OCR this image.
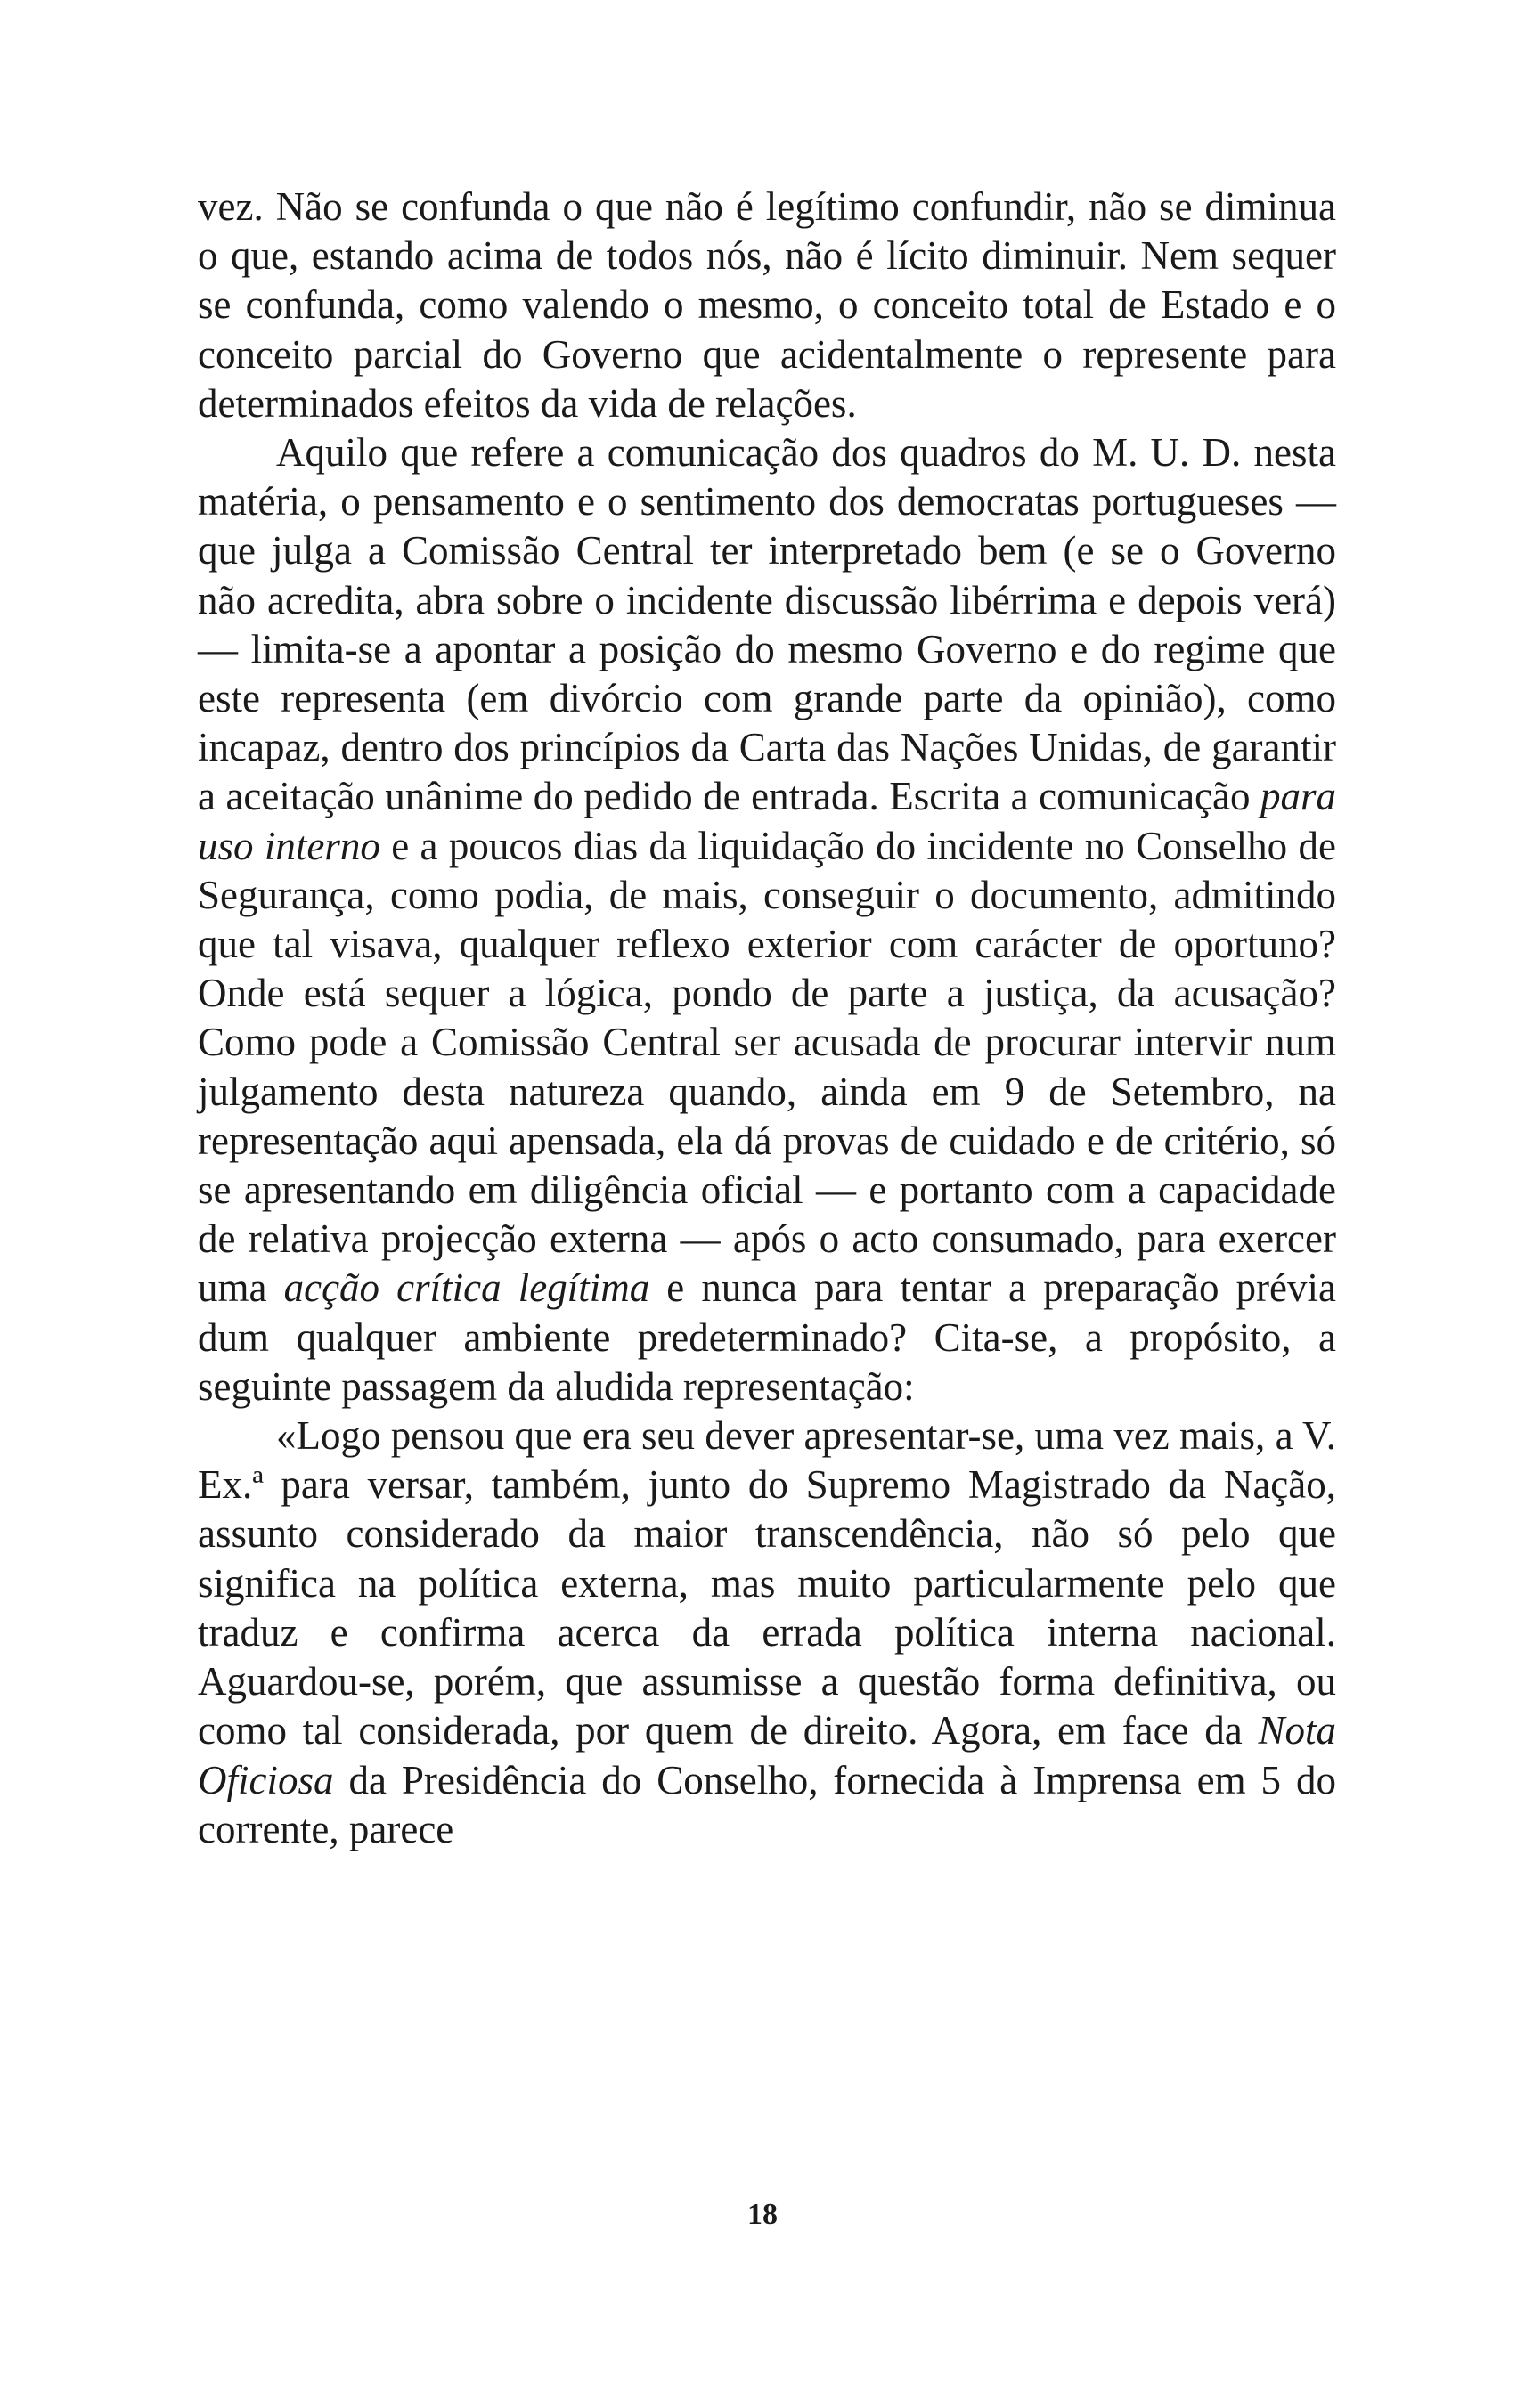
vez. Não se confunda o que não é legítimo confundir, não se diminua o que, estando acima de todos nós, não é lícito diminuir. Nem sequer se confunda, como valendo o mesmo, o conceito total de Estado e o conceito parcial do Governo que acidentalmente o represente para determinados efeitos da vida de relações.

Aquilo que refere a comunicação dos quadros do M. U. D. nesta matéria, o pensamento e o sentimento dos democratas portugueses — que julga a Comissão Central ter interpretado bem (e se o Governo não acredita, abra sobre o incidente discussão libérrima e depois verá) — limita-se a apontar a posição do mesmo Governo e do regime que este representa (em divórcio com grande parte da opinião), como incapaz, dentro dos princípios da Carta das Nações Unidas, de garantir a aceitação unânime do pedido de entrada. Escrita a comunicação para uso interno e a poucos dias da liquidação do incidente no Conselho de Segurança, como podia, de mais, conseguir o documento, admitindo que tal visava, qualquer reflexo exterior com carácter de oportuno? Onde está sequer a lógica, pondo de parte a justiça, da acusação? Como pode a Comissão Central ser acusada de procurar intervir num julgamento desta natureza quando, ainda em 9 de Setembro, na representação aqui apensada, ela dá provas de cuidado e de critério, só se apresentando em diligência oficial — e portanto com a capacidade de relativa projecção externa — após o acto consumado, para exercer uma acção crítica legítima e nunca para tentar a preparação prévia dum qualquer ambiente predeterminado? Cita-se, a propósito, a seguinte passagem da aludida representação:

«Logo pensou que era seu dever apresentar-se, uma vez mais, a V. Ex.ª para versar, também, junto do Supremo Magistrado da Nação, assunto considerado da maior transcendência, não só pelo que significa na política externa, mas muito particularmente pelo que traduz e confirma acerca da errada política interna nacional. Aguardou-se, porém, que assumisse a questão forma definitiva, ou como tal considerada, por quem de direito. Agora, em face da Nota Oficiosa da Presidência do Conselho, fornecida à Imprensa em 5 do corrente, parece

18
